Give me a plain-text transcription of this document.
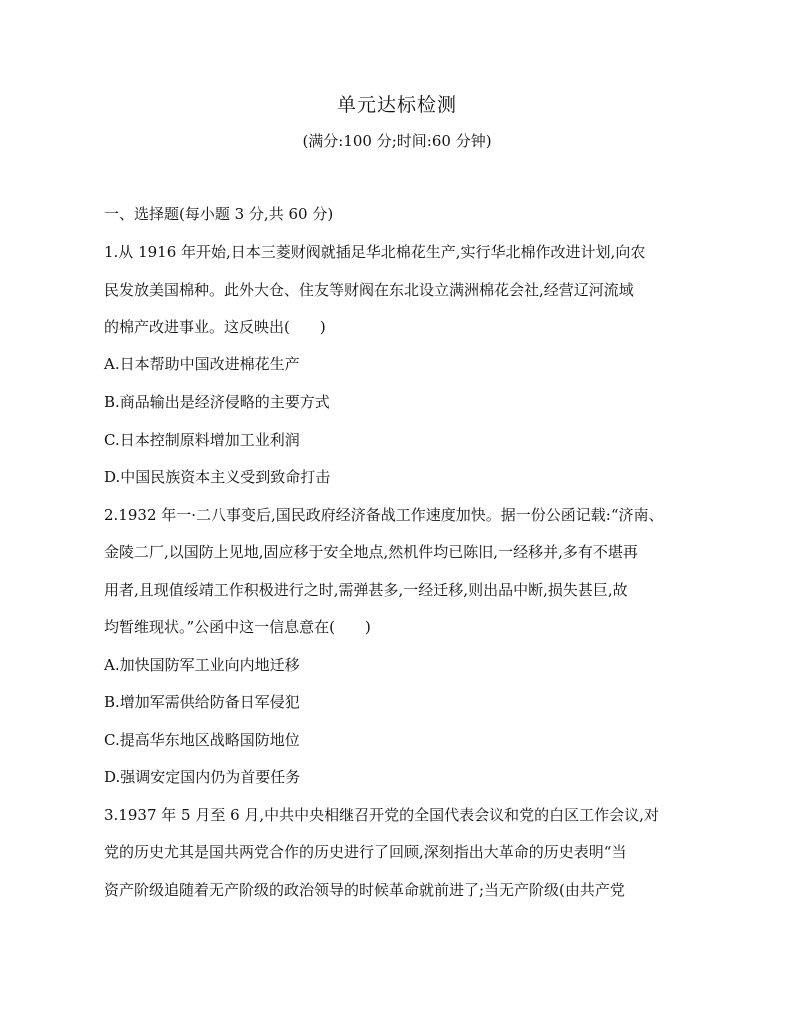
单元达标检测
(满分:100 分;时间:60 分钟)
一、选择题(每小题 3 分,共 60 分)
1.从 1916 年开始,日本三菱财阀就插足华北棉花生产,实行华北棉作改进计划,向农
民发放美国棉种。此外大仓、住友等财阀在东北设立满洲棉花会社,经营辽河流域
的棉产改进事业。这反映出(　　)
A.日本帮助中国改进棉花生产
B.商品输出是经济侵略的主要方式
C.日本控制原料增加工业利润
D.中国民族资本主义受到致命打击
2.1932 年一·二八事变后,国民政府经济备战工作速度加快。据一份公函记载:“济南、
金陵二厂,以国防上见地,固应移于安全地点,然机件均已陈旧,一经移并,多有不堪再
用者,且现值绥靖工作积极进行之时,需弹甚多,一经迁移,则出品中断,损失甚巨,故
均暂维现状。”公函中这一信息意在(　　)
A.加快国防军工业向内地迁移
B.增加军需供给防备日军侵犯
C.提高华东地区战略国防地位
D.强调安定国内仍为首要任务
3.1937 年 5 月至 6 月,中共中央相继召开党的全国代表会议和党的白区工作会议,对
党的历史尤其是国共两党合作的历史进行了回顾,深刻指出大革命的历史表明“当
资产阶级追随着无产阶级的政治领导的时候革命就前进了;当无产阶级(由共产党
